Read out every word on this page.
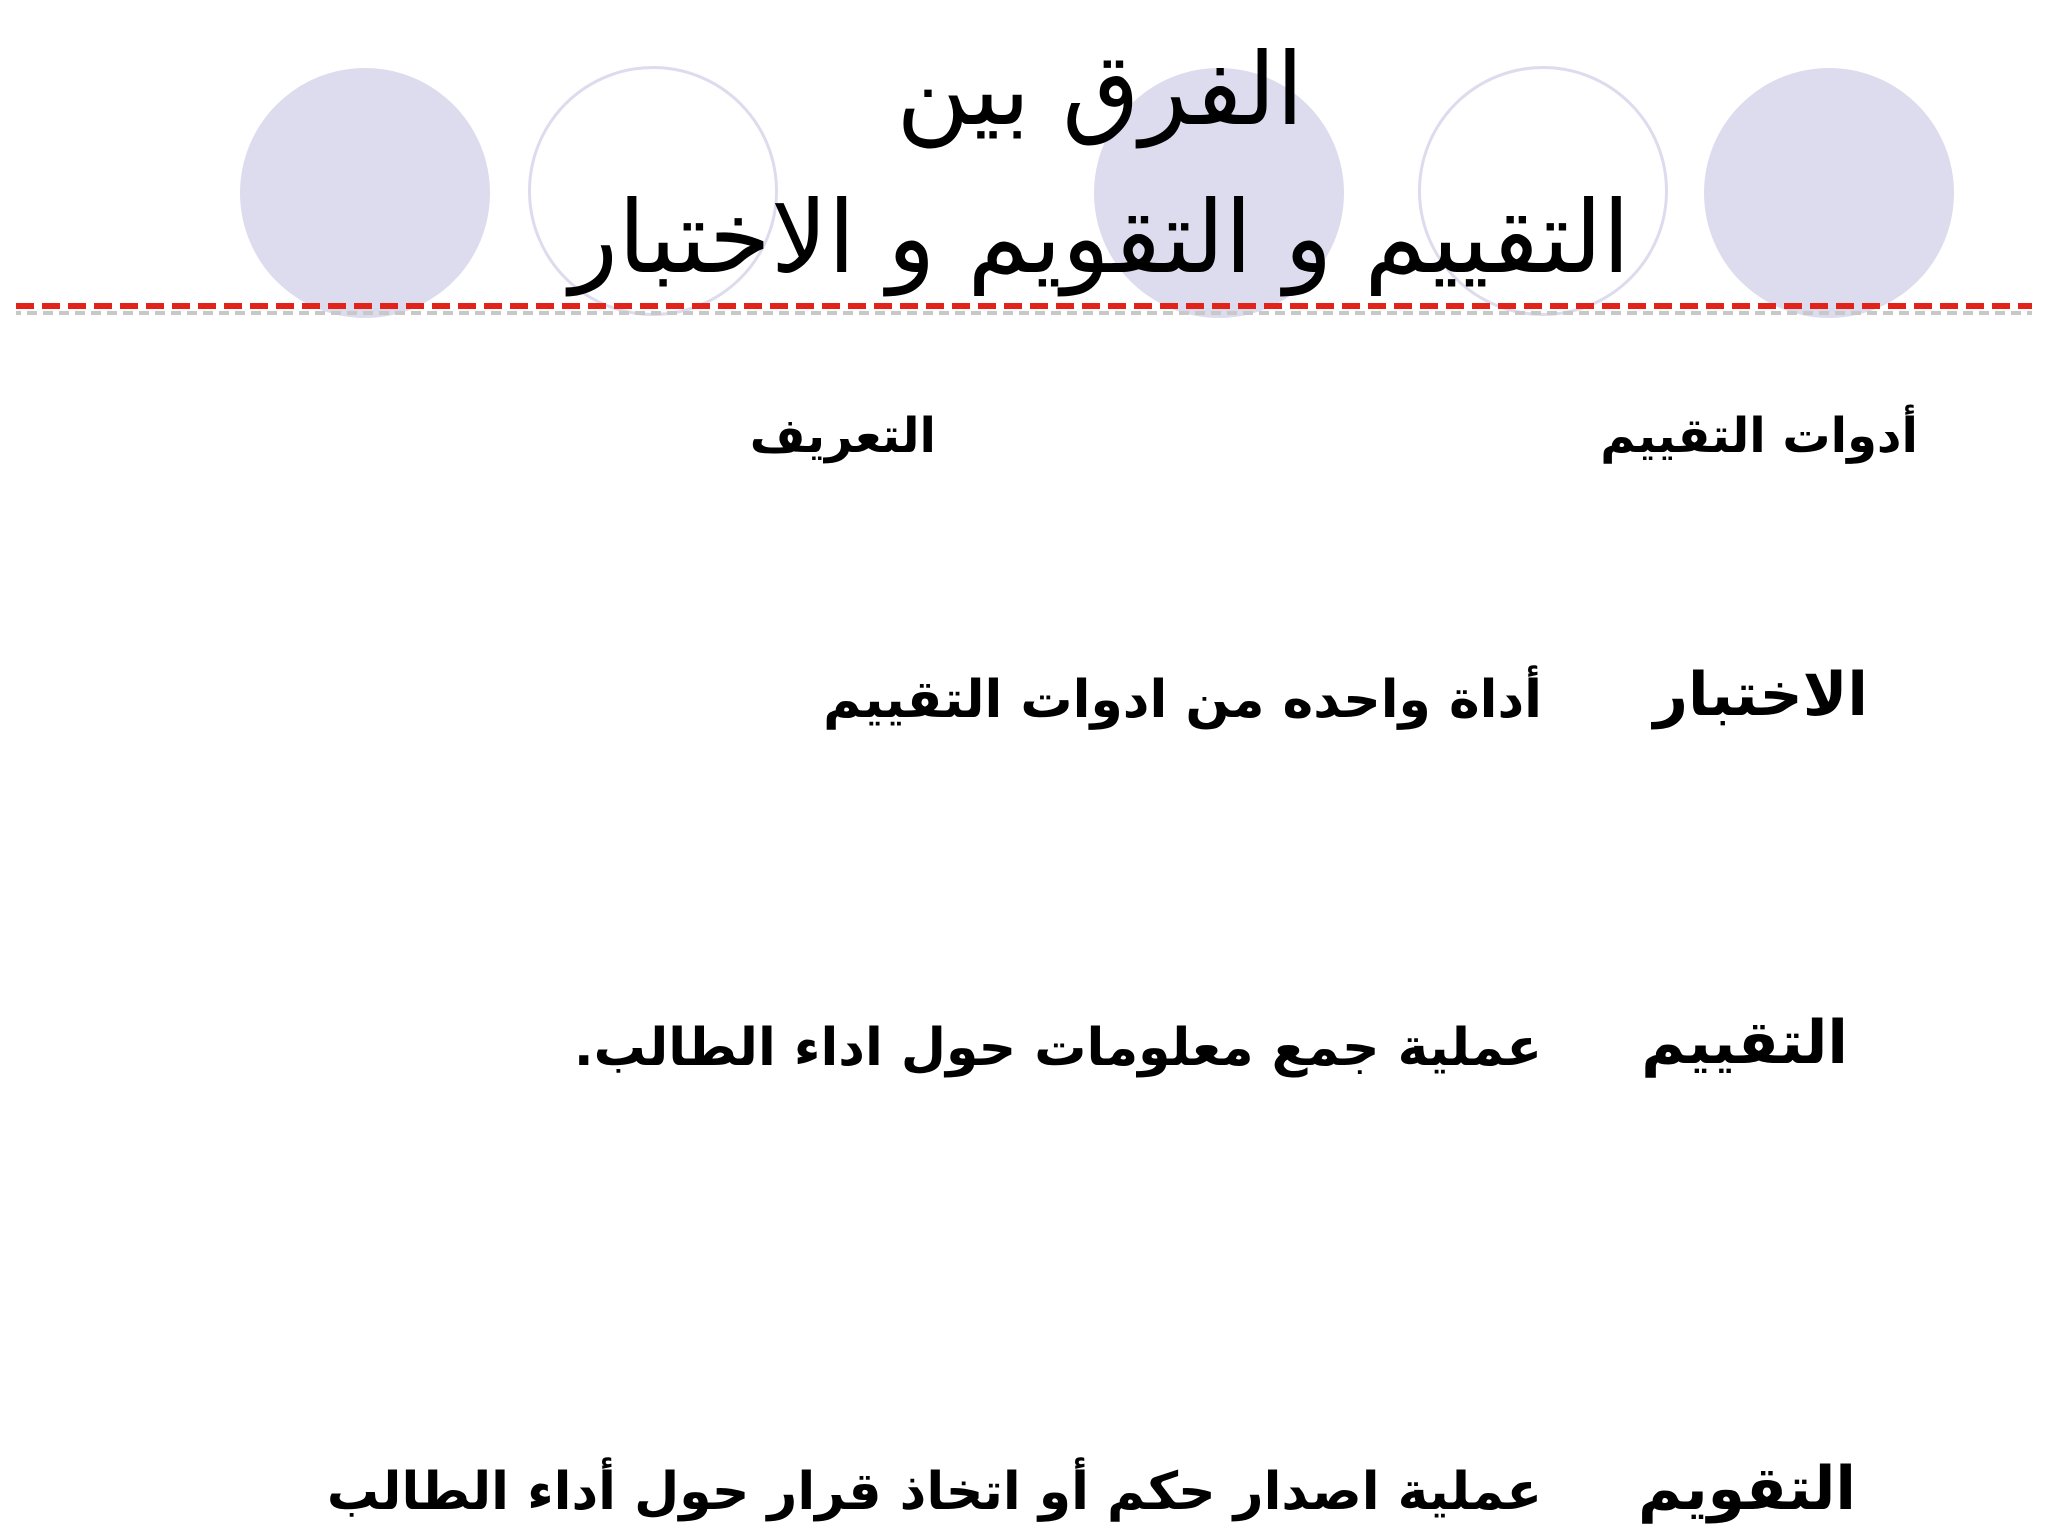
الفرق بين
التقييم و التقويم و الاختبار
أدوات التقييم
التعريف
الاختبار
أداة واحده من ادوات التقييم
التقييم
عملية جمع معلومات حول اداء الطالب.
التقويم
عملية اصدار حكم أو اتخاذ قرار حول أداء الطالب
